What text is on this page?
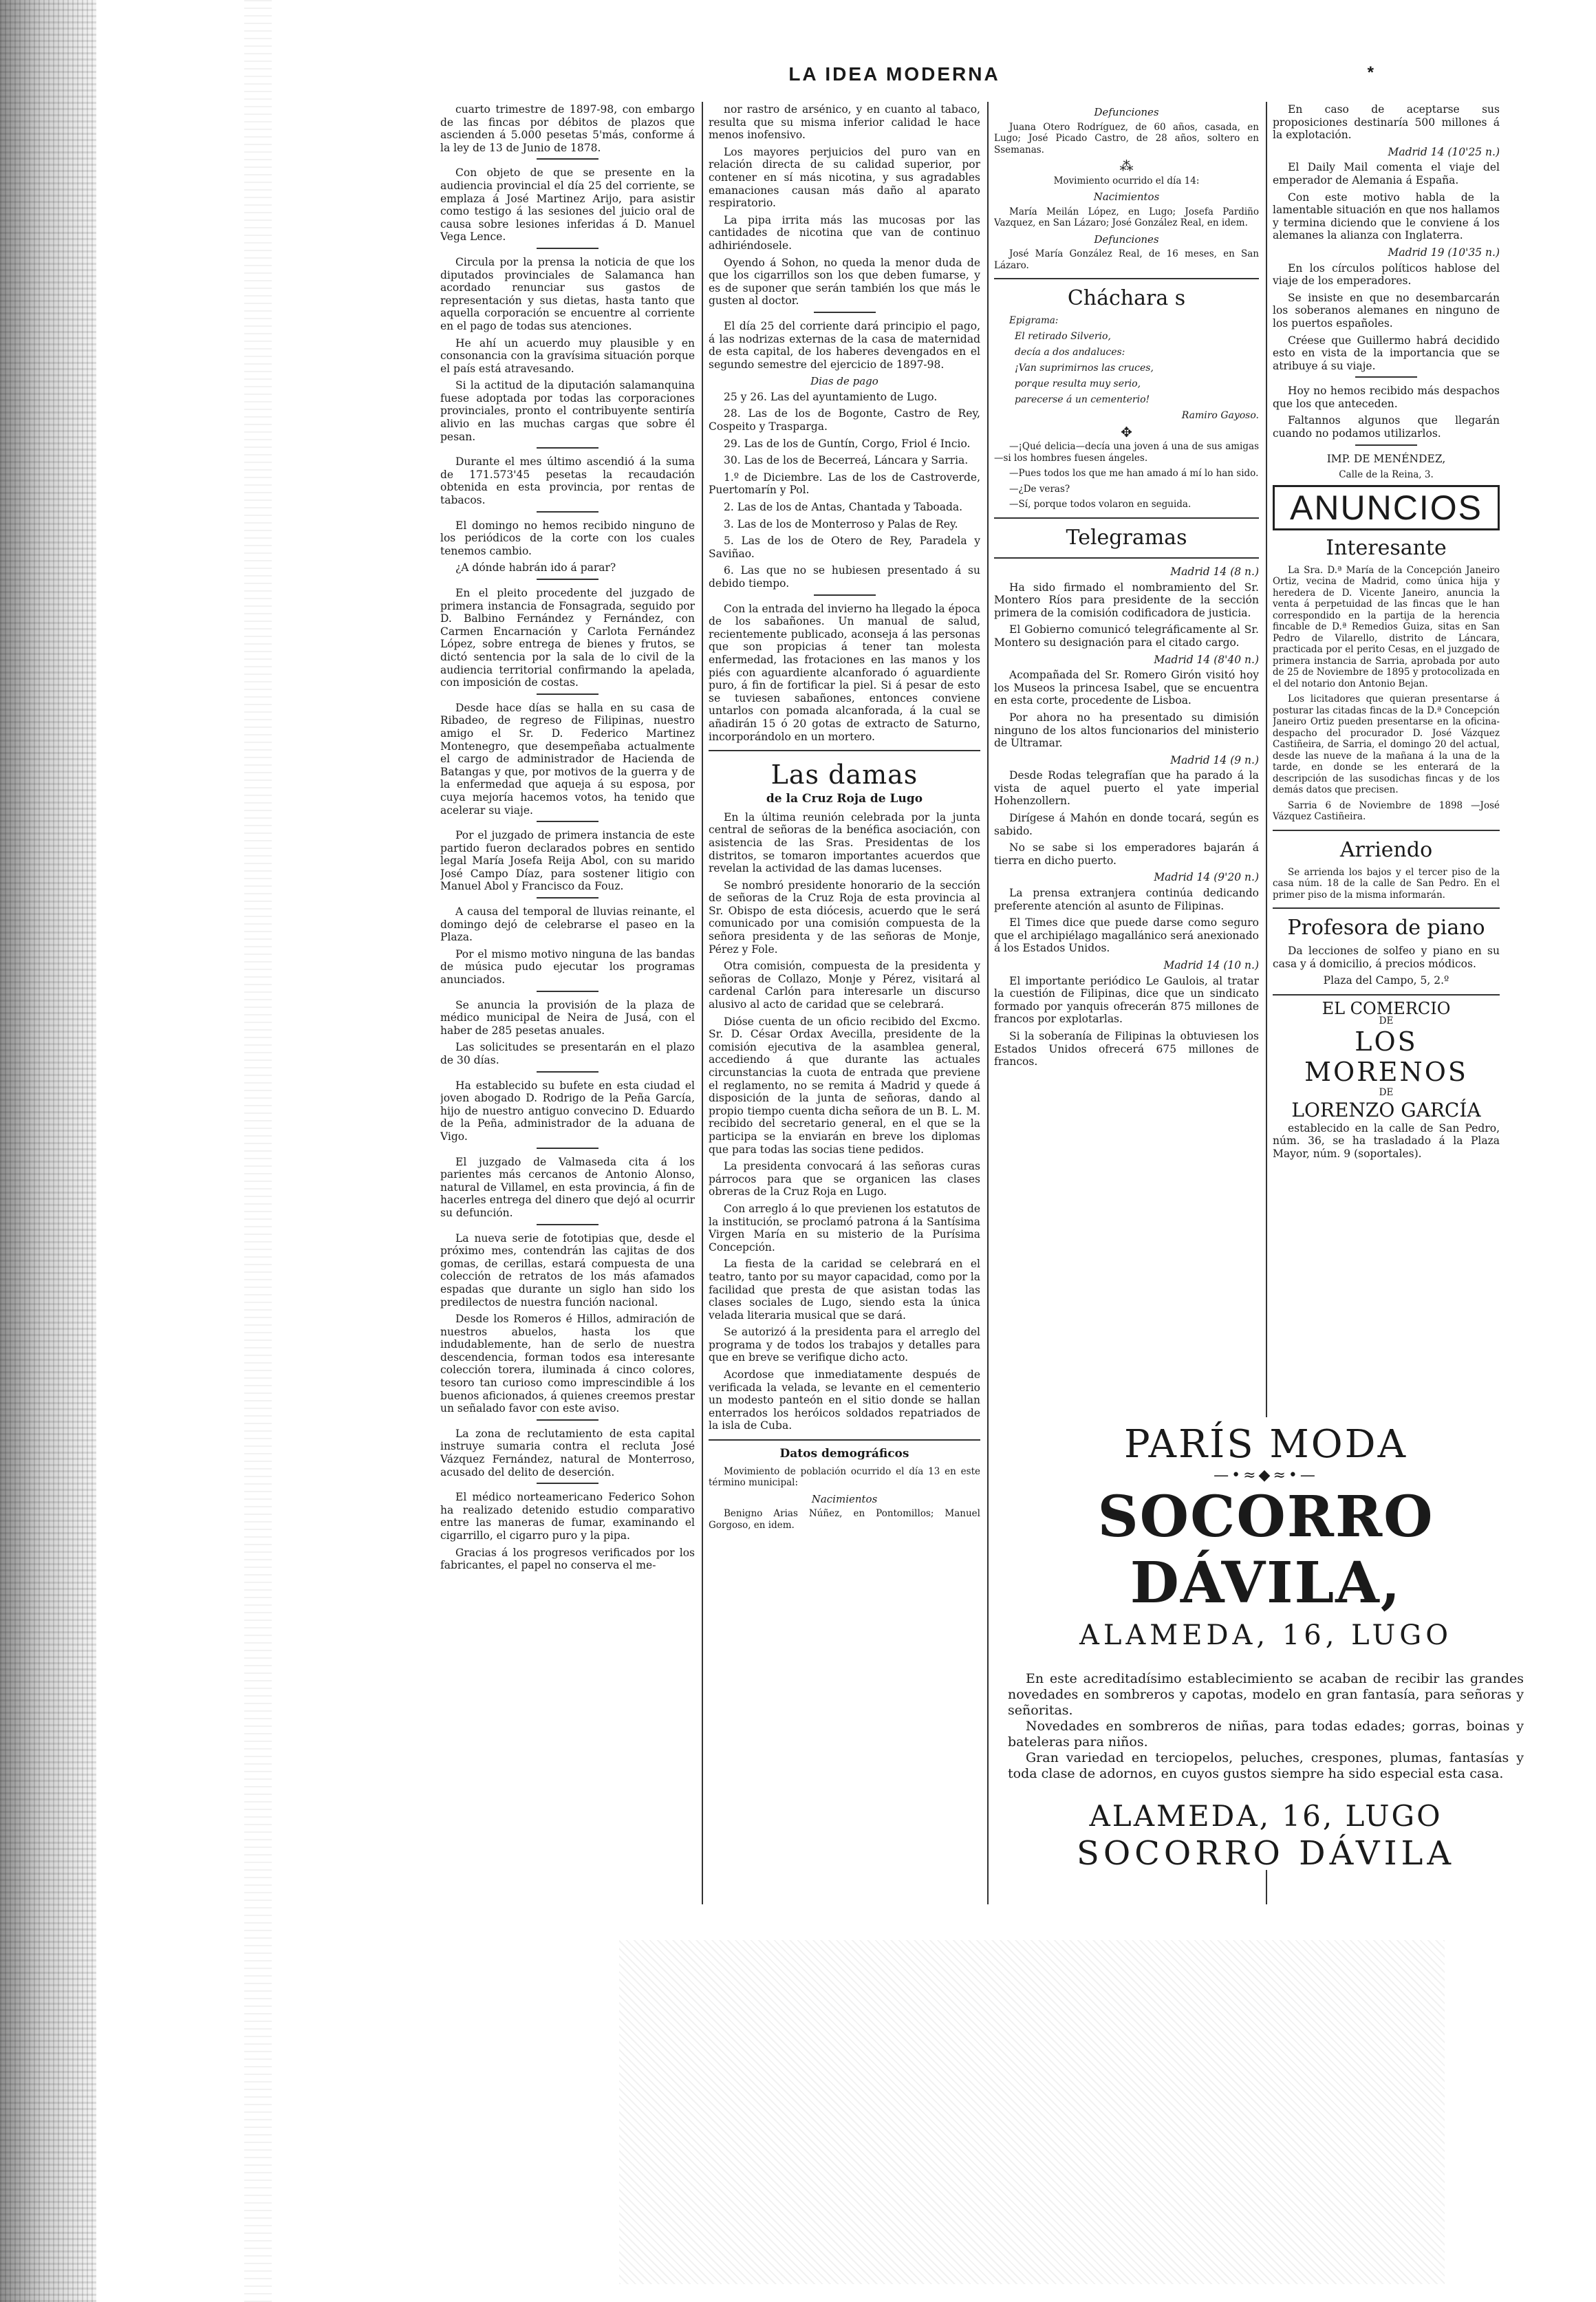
LA IDEA MODERNA	*

cuarto trimestre de 1897-98, con embargo de las fincas por débitos de plazos que ascienden á 5.000 pesetas 5'más, conforme á la ley de 13 de Junio de 1878.

Con objeto de que se presente en la audiencia provincial el día 25 del corriente, se emplaza á José Martinez Arijo, para asistir como testigo á las sesiones del juicio oral de causa sobre lesiones inferidas á D. Manuel Vega Lence.

Circula por la prensa la noticia de que los diputados provinciales de Salamanca han acordado renunciar sus gastos de representación y sus dietas, hasta tanto que aquella corporación se encuentre al corriente en el pago de todas sus atenciones.

He ahí un acuerdo muy plausible y en consonancia con la gravísima situación porque el país está atravesando.

Si la actitud de la diputación salamanquina fuese adoptada por todas las corporaciones provinciales, pronto el contribuyente sentiría alivio en las muchas cargas que sobre él pesan.

Durante el mes último ascendió á la suma de 171.573'45 pesetas la recaudación obtenida en esta provincia, por rentas de tabacos.

El domingo no hemos recibido ninguno de los periódicos de la corte con los cuales tenemos cambio.

¿A dónde habrán ido á parar?

En el pleito procedente del juzgado de primera instancia de Fonsagrada, seguido por D. Balbino Fernández y Fernández, con Carmen Encarnación y Carlota Fernández López, sobre entrega de bienes y frutos, se dictó sentencia por la sala de lo civil de la audiencia territorial confirmando la apelada, con imposición de costas.

Desde hace días se halla en su casa de Ribadeo, de regreso de Filipinas, nuestro amigo el Sr. D. Federico Martinez Montenegro, que desempeñaba actualmente el cargo de administrador de Hacienda de Batangas y que, por motivos de la guerra y de la enfermedad que aqueja á su esposa, por cuya mejoría hacemos votos, ha tenido que acelerar su viaje.

Por el juzgado de primera instancia de este partido fueron declarados pobres en sentido legal María Josefa Reija Abol, con su marido José Campo Díaz, para sostener litigio con Manuel Abol y Francisco da Fouz.

A causa del temporal de lluvias reinante, el domingo dejó de celebrarse el paseo en la Plaza.

Por el mismo motivo ninguna de las bandas de música pudo ejecutar los programas anunciados.

Se anuncia la provisión de la plaza de médico municipal de Neira de Jusá, con el haber de 285 pesetas anuales.

Las solicitudes se presentarán en el plazo de 30 días.

Ha establecido su bufete en esta ciudad el joven abogado D. Rodrigo de la Peña García, hijo de nuestro antiguo convecino D. Eduardo de la Peña, administrador de la aduana de Vigo.

El juzgado de Valmaseda cita á los parientes más cercanos de Antonio Alonso, natural de Villamel, en esta provincia, á fin de hacerles entrega del dinero que dejó al ocurrir su defunción.

La nueva serie de fototipias que, desde el próximo mes, contendrán las cajitas de dos gomas, de cerillas, estará compuesta de una colección de retratos de los más afamados espadas que durante un siglo han sido los predilectos de nuestra función nacional.

Desde los Romeros é Hillos, admiración de nuestros abuelos, hasta los que indudablemente, han de serlo de nuestra descendencia, forman todos esa interesante colección torera, iluminada á cinco colores, tesoro tan curioso como imprescindible á los buenos aficionados, á quienes creemos prestar un señalado favor con este aviso.

La zona de reclutamiento de esta capital instruye sumaria contra el recluta José Vázquez Fernández, natural de Monterroso, acusado del delito de deserción.

El médico norteamericano Federico Sohon ha realizado detenido estudio comparativo entre las maneras de fumar, examinando el cigarrillo, el cigarro puro y la pipa.

Gracias á los progresos verificados por los fabricantes, el papel no conserva el me-

nor rastro de arsénico, y en cuanto al tabaco, resulta que su misma inferior calidad le hace menos inofensivo.

Los mayores perjuicios del puro van en relación directa de su calidad superior, por contener en sí más nicotina, y sus agradables emanaciones causan más daño al aparato respiratorio.

La pipa irrita más las mucosas por las cantidades de nicotina que van de continuo adhiriéndosele.

Oyendo á Sohon, no queda la menor duda de que los cigarrillos son los que deben fumarse, y es de suponer que serán también los que más le gusten al doctor.

El día 25 del corriente dará principio el pago, á las nodrizas externas de la casa de maternidad de esta capital, de los haberes devengados en el segundo semestre del ejercicio de 1897-98.

Dias de pago

25 y 26. Las del ayuntamiento de Lugo.

28. Las de los de Bogonte, Castro de Rey, Cospeito y Trasparga.

29. Las de los de Guntín, Corgo, Friol é Incio.

30. Las de los de Becerreá, Láncara y Sarria.

1.º de Diciembre. Las de los de Castroverde, Puertomarín y Pol.

2. Las de los de Antas, Chantada y Taboada.

3. Las de los de Monterroso y Palas de Rey.

5. Las de los de Otero de Rey, Paradela y Saviñao.

6. Las que no se hubiesen presentado á su debido tiempo.

Con la entrada del invierno ha llegado la época de los sabañones. Un manual de salud, recientemente publicado, aconseja á las personas que son propicias á tener tan molesta enfermedad, las frotaciones en las manos y los piés con aguardiente alcanforado ó aguardiente puro, á fin de fortificar la piel. Si á pesar de esto se tuviesen sabañones, entonces conviene untarlos con pomada alcanforada, á la cual se añadirán 15 ó 20 gotas de extracto de Saturno, incorporándolo en un mortero.

Las damas
de la Cruz Roja de Lugo

En la última reunión celebrada por la junta central de señoras de la benéfica asociación, con asistencia de las Sras. Presidentas de los distritos, se tomaron importantes acuerdos que revelan la actividad de las damas lucenses.

Se nombró presidente honorario de la sección de señoras de la Cruz Roja de esta provincia al Sr. Obispo de esta diócesis, acuerdo que le será comunicado por una comisión compuesta de la señora presidenta y de las señoras de Monje, Pérez y Fole.

Otra comisión, compuesta de la presidenta y señoras de Collazo, Monje y Pérez, visitará al cardenal Carlón para interesarle un discurso alusivo al acto de caridad que se celebrará.

Dióse cuenta de un oficio recibido del Excmo. Sr. D. César Ordax Avecilla, presidente de la comisión ejecutiva de la asamblea general, accediendo á que durante las actuales circunstancias la cuota de entrada que previene el reglamento, no se remita á Madrid y quede á disposición de la junta de señoras, dando al propio tiempo cuenta dicha señora de un B. L. M. recibido del secretario general, en el que se la participa se la enviarán en breve los diplomas que para todas las socias tiene pedidos.

La presidenta convocará á las señoras curas párrocos para que se organicen las clases obreras de la Cruz Roja en Lugo.

Con arreglo á lo que previenen los estatutos de la institución, se proclamó patrona á la Santísima Virgen María en su misterio de la Purísima Concepción.

La fiesta de la caridad se celebrará en el teatro, tanto por su mayor capacidad, como por la facilidad que presta de que asistan todas las clases sociales de Lugo, siendo esta la única velada literaria musical que se dará.

Se autorizó á la presidenta para el arreglo del programa y de todos los trabajos y detalles para que en breve se verifique dicho acto.

Acordose que inmediatamente después de verificada la velada, se levante en el cementerio un modesto panteón en el sitio donde se hallan enterrados los heróicos soldados repatriados de la isla de Cuba.

Datos demográficos

Movimiento de población ocurrido el día 13 en este término municipal:

Nacimientos

Benigno Arias Núñez, en Pontomillos; Manuel Gorgoso, en idem.

Defunciones

Juana Otero Rodríguez, de 60 años, casada, en Lugo; José Picado Castro, de 28 años, soltero en Ssemanas.

⁂

Movimiento ocurrido el día 14:

Nacimientos

María Meilán López, en Lugo; Josefa Pardiño Vazquez, en San Lázaro; José González Real, en idem.

Defunciones

José María González Real, de 16 meses, en San Lázaro.

Cháchara s

Epigrama:

El retirado Silverio,

decía a dos andaluces:

¡Van suprimirnos las cruces,

porque resulta muy serio,

parecerse á un cementerio!

Ramiro Gayoso.

✥

—¡Qué delicia—decía una joven á una de sus amigas—si los hombres fuesen ángeles.

—Pues todos los que me han amado á mí lo han sido.

—¿De veras?

—Sí, porque todos volaron en seguida.

Telegramas
Madrid 14 (8 n.)

Ha sido firmado el nombramiento del Sr. Montero Ríos para presidente de la sección primera de la comisión codificadora de justicia.

El Gobierno comunicó telegráficamente al Sr. Montero su designación para el citado cargo.

Madrid 14 (8'40 n.)

Acompañada del Sr. Romero Girón visitó hoy los Museos la princesa Isabel, que se encuentra en esta corte, procedente de Lisboa.

Por ahora no ha presentado su dimisión ninguno de los altos funcionarios del ministerio de Ultramar.

Madrid 14 (9 n.)

Desde Rodas telegrafían que ha parado á la vista de aquel puerto el yate imperial Hohenzollern.

Dirígese á Mahón en donde tocará, según es sabido.

No se sabe si los emperadores bajarán á tierra en dicho puerto.

Madrid 14 (9'20 n.)

La prensa extranjera continúa dedicando preferente atención al asunto de Filipinas.

El Times dice que puede darse como seguro que el archipiélago magallánico será anexionado á los Estados Unidos.

Madrid 14 (10 n.)

El importante periódico Le Gaulois, al tratar la cuestión de Filipinas, dice que un sindicato formado por yanquis ofrecerán 875 millones de francos por explotarlas.

Si la soberanía de Filipinas la obtuviesen los Estados Unidos ofrecerá 675 millones de francos.

En caso de aceptarse sus proposiciones destinaría 500 millones á la explotación.

Madrid 14 (10'25 n.)

El Daily Mail comenta el viaje del emperador de Alemania á España.

Con este motivo habla de la lamentable situación en que nos hallamos y termina diciendo que le conviene á los alemanes la alianza con Inglaterra.

Madrid 19 (10'35 n.)

En los círculos políticos hablose del viaje de los emperadores.

Se insiste en que no desembarcarán los soberanos alemanes en ninguno de los puertos españoles.

Créese que Guillermo habrá decidido esto en vista de la importancia que se atribuye á su viaje.

Hoy no hemos recibido más despachos que los que anteceden.

Faltannos algunos que llegarán cuando no podamos utilizarlos.

IMP. DE MENÉNDEZ,

Calle de la Reina, 3.

ANUNCIOS
Interesante

La Sra. D.ª María de la Concepción Janeiro Ortiz, vecina de Madrid, como única hija y heredera de D. Vicente Janeiro, anuncia la venta á perpetuidad de las fincas que le han correspondido en la partija de la herencia fincable de D.ª Remedios Guiza, sitas en San Pedro de Vilarello, distrito de Láncara, practicada por el perito Cesas, en el juzgado de primera instancia de Sarria, aprobada por auto de 25 de Noviembre de 1895 y protocolizada en el del notario don Antonio Bejan.

Los licitadores que quieran presentarse á posturar las citadas fincas de la D.ª Concepción Janeiro Ortiz pueden presentarse en la oficina-despacho del procurador D. José Vázquez Castiñeira, de Sarria, el domingo 20 del actual, desde las nueve de la mañana á la una de la tarde, en donde se les enterará de la descripción de las susodichas fincas y de los demás datos que precisen.

Sarria 6 de Noviembre de 1898 —José Vázquez Castiñeira.

Arriendo

Se arrienda los bajos y el tercer piso de la casa núm. 18 de la calle de San Pedro. En el primer piso de la misma informarán.

Profesora de piano

Da lecciones de solfeo y piano en su casa y á domicilio, á precios módicos.

Plaza del Campo, 5, 2.º

EL COMERCIO
DE
LOS MORENOS
DE
LORENZO GARCÍA

establecido en la calle de San Pedro, núm. 36, se ha trasladado á la Plaza Mayor, núm. 9 (soportales).

PARÍS MODA
—•≈◆≈•—
SOCORRO DÁVILA,
ALAMEDA, 16, LUGO

En este acreditadísimo establecimiento se acaban de recibir las grandes novedades en sombreros y capotas, modelo en gran fantasía, para señoras y señoritas.

Novedades en sombreros de niñas, para todas edades; gorras, boinas y bateleras para niños.

Gran variedad en terciopelos, peluches, crespones, plumas, fantasías y toda clase de adornos, en cuyos gustos siempre ha sido especial esta casa.

ALAMEDA, 16, LUGO
SOCORRO DÁVILA
